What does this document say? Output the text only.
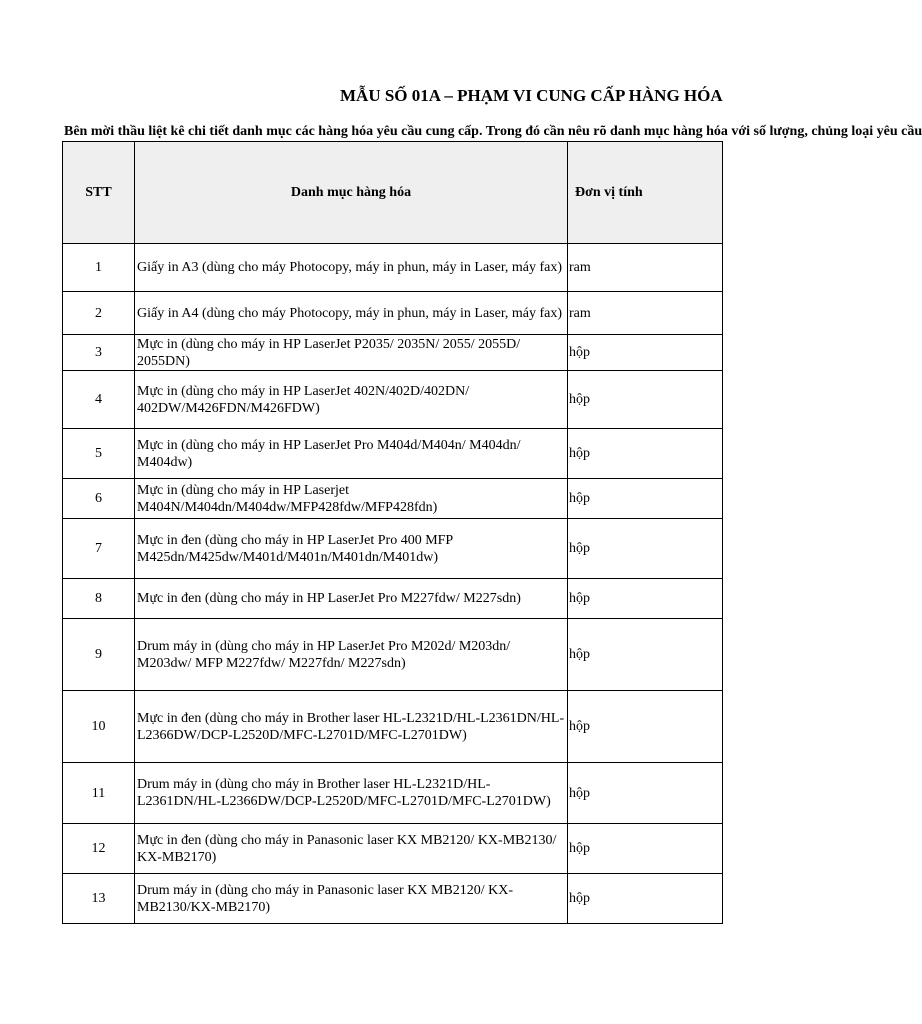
MẪU SỐ 01A – PHẠM VI CUNG CẤP HÀNG HÓA
Bên mời thầu liệt kê chi tiết danh mục các hàng hóa yêu cầu cung cấp. Trong đó cần nêu rõ danh mục hàng hóa với số lượng, chủng loại yêu cầu
STT	Danh mục hàng hóa	Đơn vị tính
1	Giấy in A3 (dùng cho máy Photocopy, máy in phun, máy in Laser, máy fax)	ram
2	Giấy in A4 (dùng cho máy Photocopy, máy in phun, máy in Laser, máy fax)	ram
3	Mực in (dùng cho máy in HP LaserJet P2035/ 2035N/ 2055/ 2055D/ 2055DN)	hộp
4	Mực in (dùng cho máy in HP LaserJet 402N/402D/402DN/ 402DW/M426FDN/M426FDW)	hộp
5	Mực in (dùng cho máy in HP LaserJet Pro M404d/M404n/ M404dn/ M404dw)	hộp
6	Mực in (dùng cho máy in HP Laserjet M404N/M404dn/M404dw/MFP428fdw/MFP428fdn)	hộp
7	Mực in đen (dùng cho máy in HP LaserJet Pro 400 MFP M425dn/M425dw/M401d/M401n/M401dn/M401dw)	hộp
8	Mực in đen (dùng cho máy in HP LaserJet Pro M227fdw/ M227sdn)	hộp
9	Drum máy in (dùng cho máy in HP LaserJet Pro M202d/ M203dn/ M203dw/ MFP M227fdw/ M227fdn/ M227sdn)	hộp
10	Mực in đen (dùng cho máy in Brother laser HL-L2321D/HL-L2361DN/HL-L2366DW/DCP-L2520D/MFC-L2701D/MFC-L2701DW)	hộp
11	Drum máy in (dùng cho máy in Brother laser HL-L2321D/HL-L2361DN/HL-L2366DW/DCP-L2520D/MFC-L2701D/MFC-L2701DW)	hộp
12	Mực in đen (dùng cho máy in Panasonic laser KX MB2120/ KX-MB2130/ KX-MB2170)	hộp
13	Drum máy in (dùng cho máy in Panasonic laser KX MB2120/ KX-MB2130/KX-MB2170)	hộp
